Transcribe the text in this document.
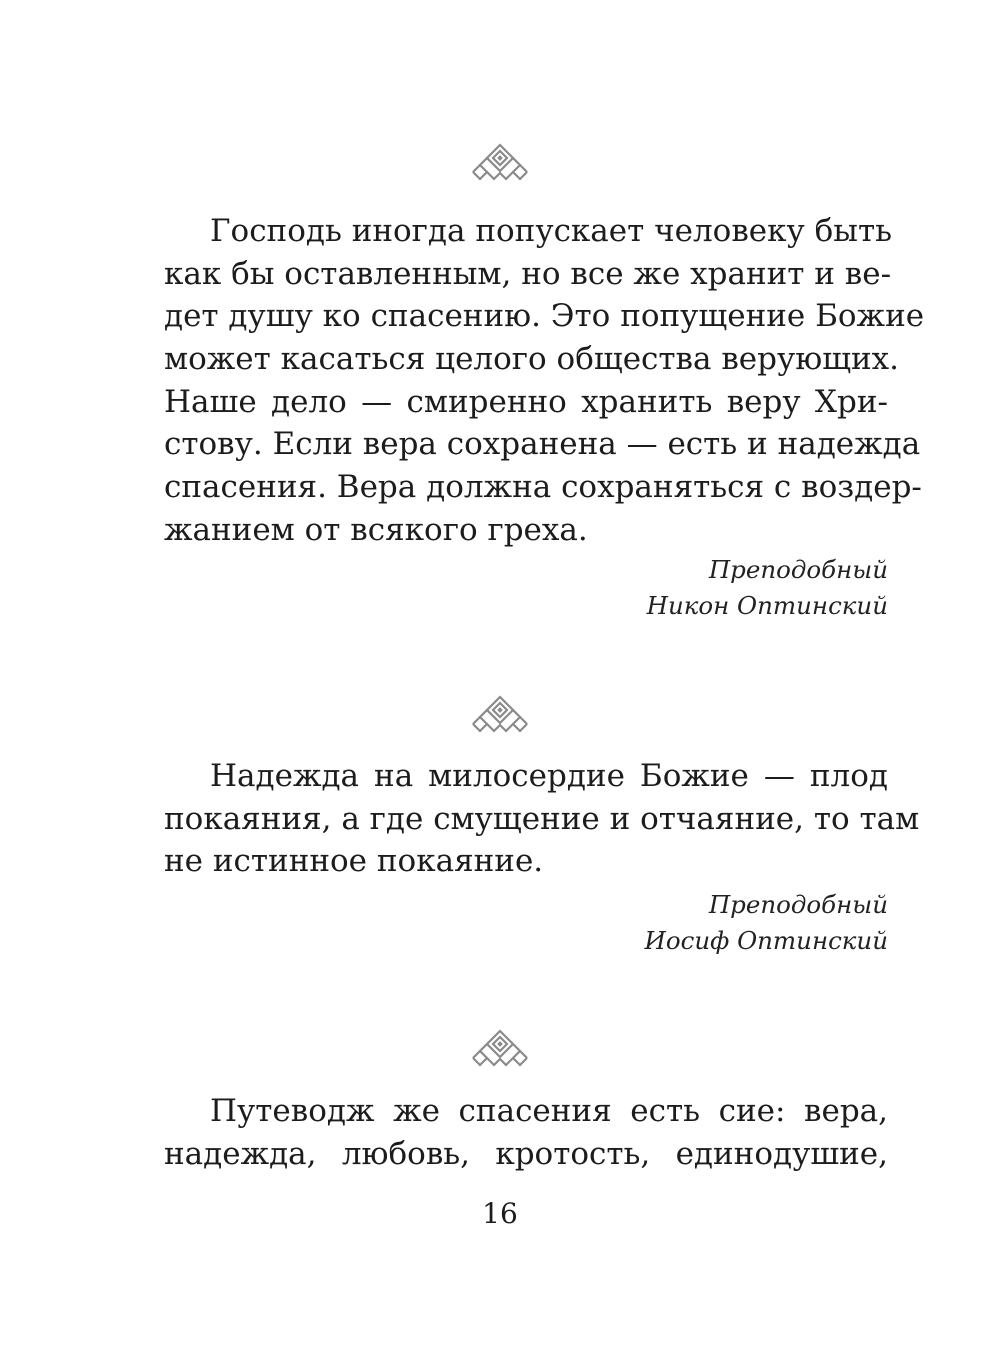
Господь иногда попускает человеку быть
как бы оставленным, но все же хранит и ве-
дет душу ко спасению. Это попущение Божие
может касаться целого общества верующих.
Наше дело — смиренно хранить веру Хри-
стову. Если вера сохранена — есть и надежда
спасения. Вера должна сохраняться с воздер-
жанием от всякого греха.
Преподобный
Никон Оптинский
Надежда на милосердие Божие — плод
покаяния, а где смущение и отчаяние, то там
не истинное покаяние.
Преподобный
Иосиф Оптинский
Путеводж же спасения есть сие: вера,
надежда, любовь, кротость, единодушие,
16
